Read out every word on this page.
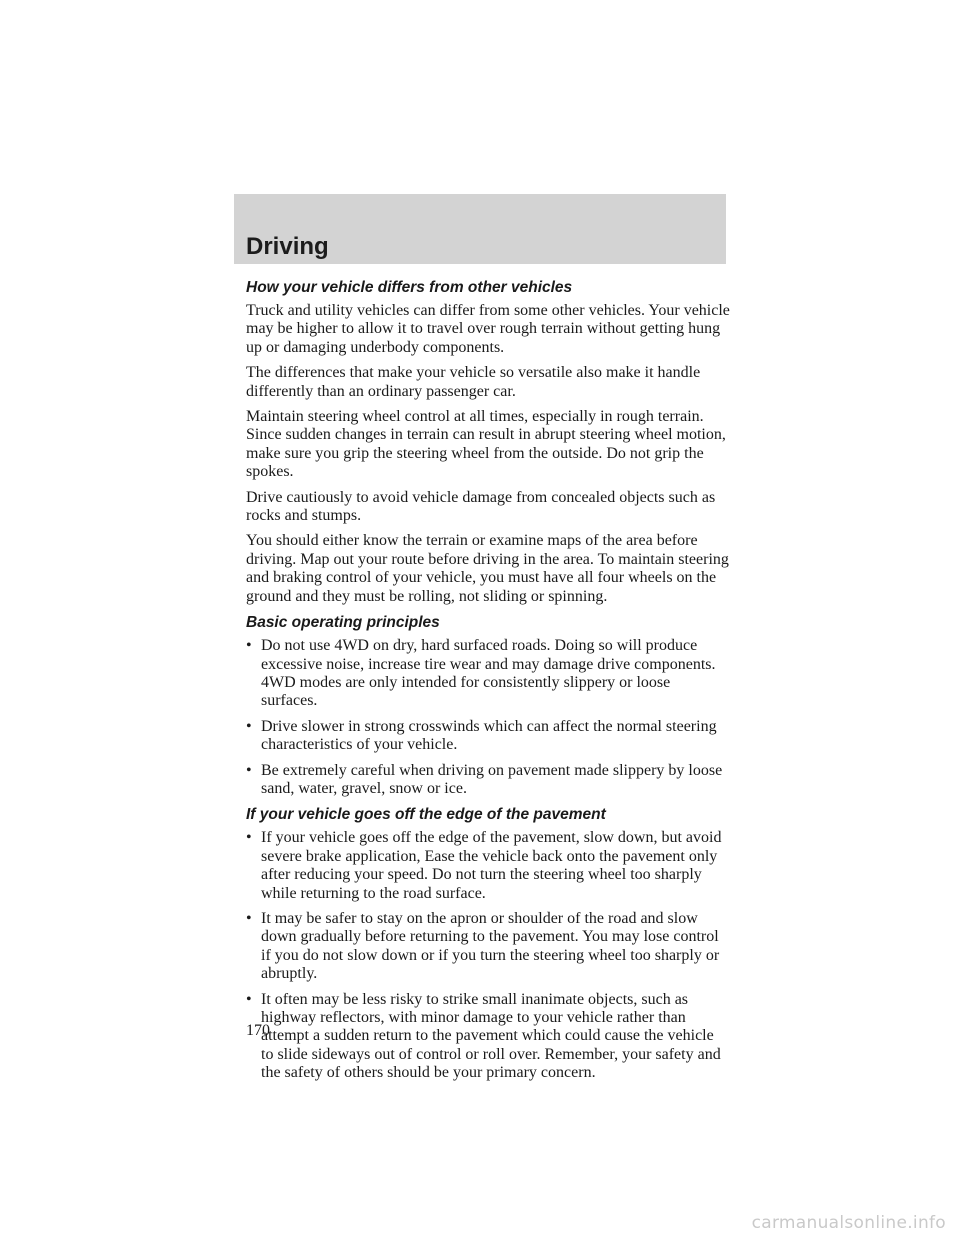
Driving
How your vehicle differs from other vehicles

Truck and utility vehicles can differ from some other vehicles. Your vehicle may be higher to allow it to travel over rough terrain without getting hung up or damaging underbody components.

The differences that make your vehicle so versatile also make it handle differently than an ordinary passenger car.

Maintain steering wheel control at all times, especially in rough terrain. Since sudden changes in terrain can result in abrupt steering wheel motion, make sure you grip the steering wheel from the outside. Do not grip the spokes.

Drive cautiously to avoid vehicle damage from concealed objects such as rocks and stumps.

You should either know the terrain or examine maps of the area before driving. Map out your route before driving in the area. To maintain steering and braking control of your vehicle, you must have all four wheels on the ground and they must be rolling, not sliding or spinning.

Basic operating principles
• Do not use 4WD on dry, hard surfaced roads. Doing so will produce excessive noise, increase tire wear and may damage drive components. 4WD modes are only intended for consistently slippery or loose surfaces.
• Drive slower in strong crosswinds which can affect the normal steering characteristics of your vehicle.
• Be extremely careful when driving on pavement made slippery by loose sand, water, gravel, snow or ice.
If your vehicle goes off the edge of the pavement
• If your vehicle goes off the edge of the pavement, slow down, but avoid severe brake application, Ease the vehicle back onto the pavement only after reducing your speed. Do not turn the steering wheel too sharply while returning to the road surface.
• It may be safer to stay on the apron or shoulder of the road and slow down gradually before returning to the pavement. You may lose control if you do not slow down or if you turn the steering wheel too sharply or abruptly.
• It often may be less risky to strike small inanimate objects, such as highway reflectors, with minor damage to your vehicle rather than attempt a sudden return to the pavement which could cause the vehicle to slide sideways out of control or roll over. Remember, your safety and the safety of others should be your primary concern.
170
carmanualsonline.info
